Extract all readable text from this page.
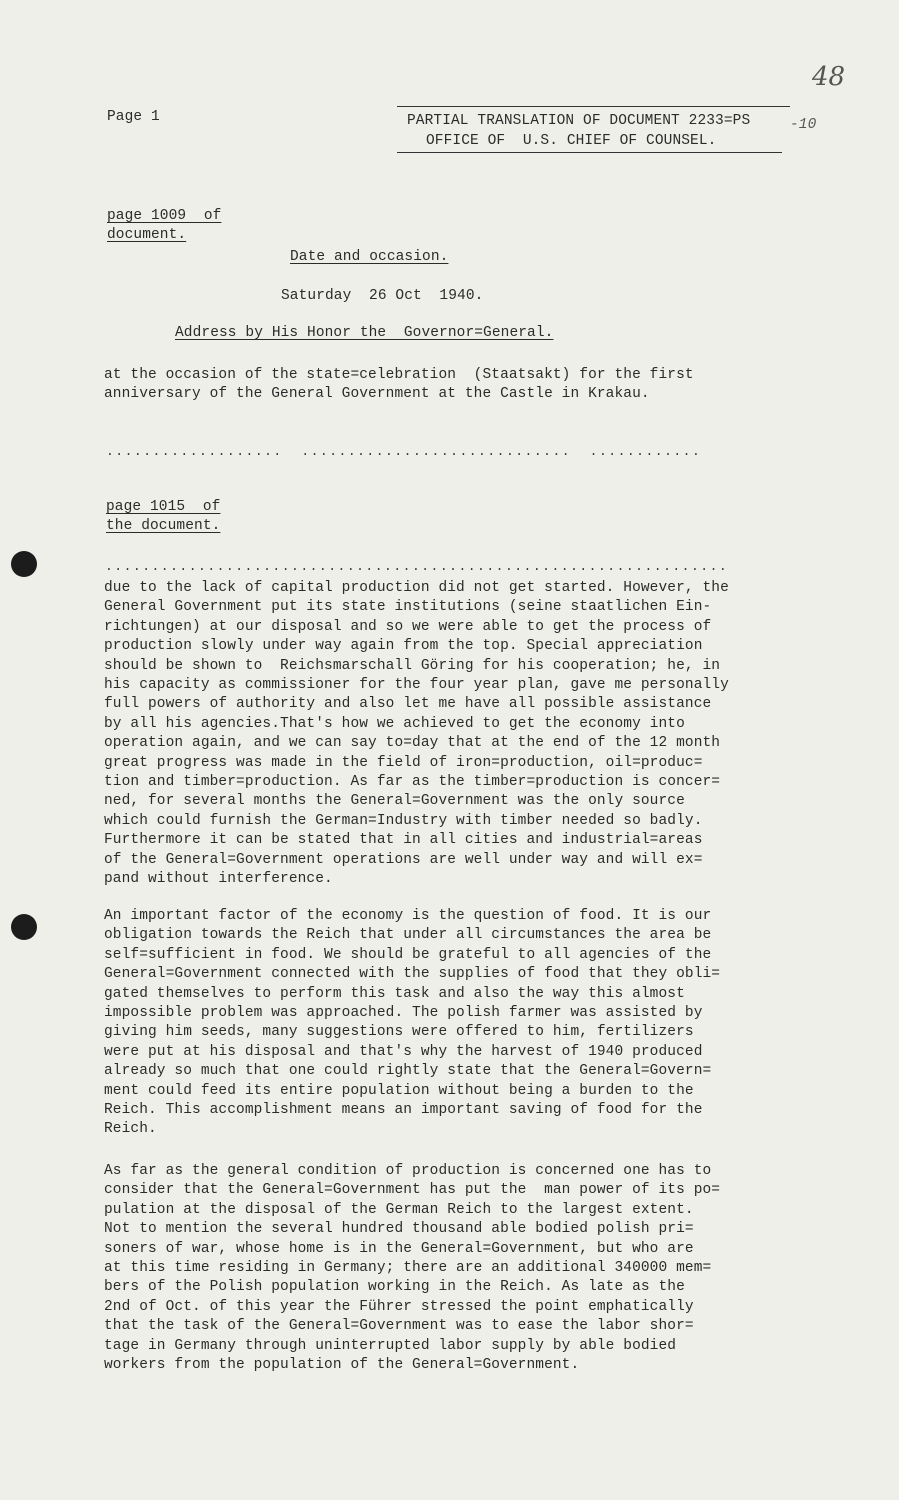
48
Page 1	PARTIAL TRANSLATION OF DOCUMENT 2233=PS	-10
OFFICE OF  U.S. CHIEF OF COUNSEL.
page 1009  of
document.
Date and occasion.
Saturday  26 Oct  1940.
Address by His Honor the  Governor=General.
at the occasion of the state=celebration  (Staatsakt) for the first
anniversary of the General Government at the Castle in Krakau.
...................  .............................  ............
page 1015  of
the document.
...................................................................
due to the lack of capital production did not get started. However, the
General Government put its state institutions (seine staatlichen Ein-
richtungen) at our disposal and so we were able to get the process of
production slowly under way again from the top. Special appreciation
should be shown to  Reichsmarschall Göring for his cooperation; he, in
his capacity as commissioner for the four year plan, gave me personally
full powers of authority and also let me have all possible assistance
by all his agencies.That's how we achieved to get the economy into
operation again, and we can say to=day that at the end of the 12 month
great progress was made in the field of iron=production, oil=produc=
tion and timber=production. As far as the timber=production is concer=
ned, for several months the General=Government was the only source
which could furnish the German=Industry with timber needed so badly.
Furthermore it can be stated that in all cities and industrial=areas
of the General=Government operations are well under way and will ex=
pand without interference.
An important factor of the economy is the question of food. It is our
obligation towards the Reich that under all circumstances the area be
self=sufficient in food. We should be grateful to all agencies of the
General=Government connected with the supplies of food that they obli=
gated themselves to perform this task and also the way this almost
impossible problem was approached. The polish farmer was assisted by
giving him seeds, many suggestions were offered to him, fertilizers
were put at his disposal and that's why the harvest of 1940 produced
already so much that one could rightly state that the General=Govern=
ment could feed its entire population without being a burden to the
Reich. This accomplishment means an important saving of food for the
Reich.
As far as the general condition of production is concerned one has to
consider that the General=Government has put the  man power of its po=
pulation at the disposal of the German Reich to the largest extent.
Not to mention the several hundred thousand able bodied polish pri=
soners of war, whose home is in the General=Government, but who are
at this time residing in Germany; there are an additional 340000 mem=
bers of the Polish population working in the Reich. As late as the
2nd of Oct. of this year the Führer stressed the point emphatically
that the task of the General=Government was to ease the labor shor=
tage in Germany through uninterrupted labor supply by able bodied
workers from the population of the General=Government.
